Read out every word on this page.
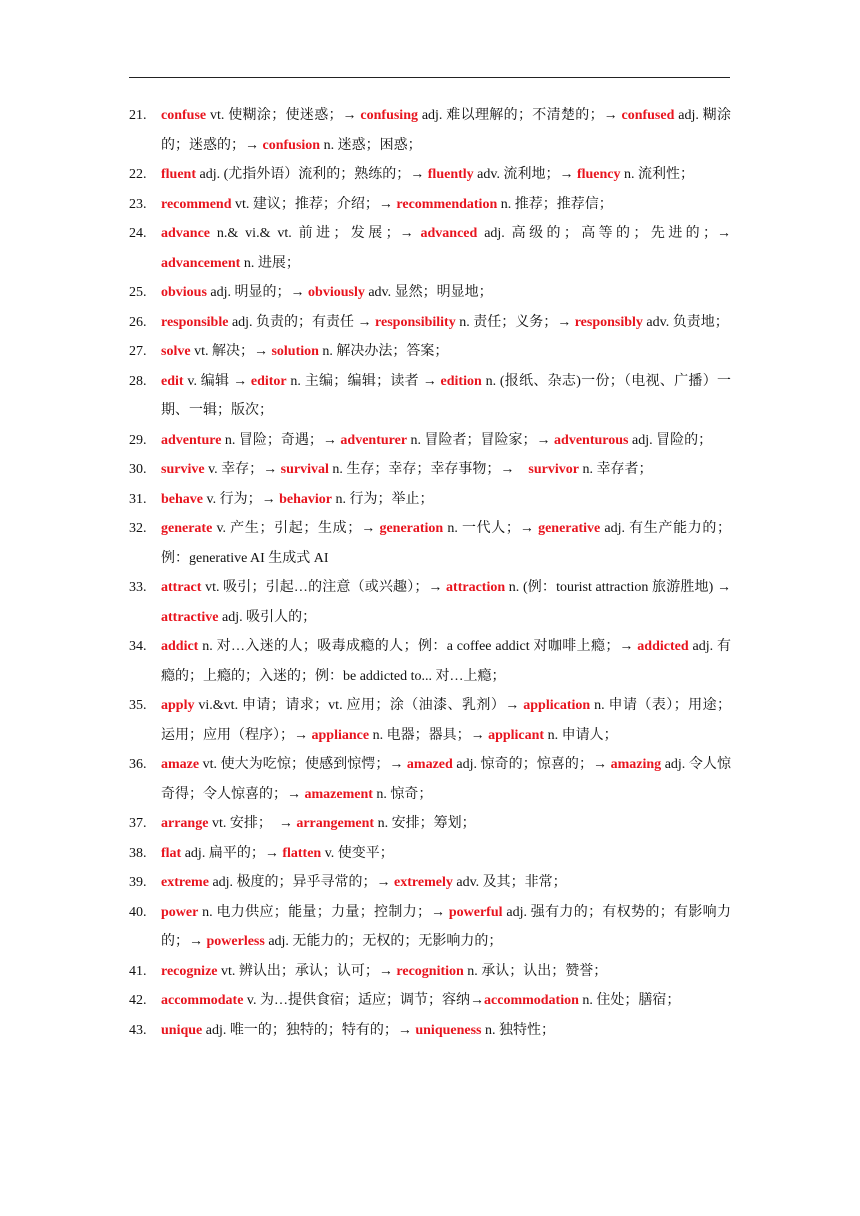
21. confuse vt. 使糊涂；使迷惑；→ confusing adj. 难以理解的；不清楚的；→ confused adj. 糊涂的；迷惑的；→ confusion n. 迷惑；困惑；
22. fluent adj. (尤指外语）流利的；熟练的；→ fluently adv. 流利地；→ fluency n. 流利性；
23. recommend vt. 建议；推荐；介绍；→ recommendation n. 推荐；推荐信；
24. advance n.& vi.& vt. 前进；发展；→ advanced adj. 高级的；高等的；先进的；→ advancement n. 进展；
25. obvious adj. 明显的；→ obviously adv. 显然；明显地；
26. responsible adj. 负责的；有责任 → responsibility n. 责任；义务；→ responsibly adv. 负责地；
27. solve vt. 解决；→ solution n. 解决办法；答案；
28. edit v. 编辑 → editor n. 主编；编辑；读者 → edition n. (报纸、杂志)一份；（电视、广播）一期、一辑；版次；
29. adventure n. 冒险；奇遇；→ adventurer n. 冒险者；冒险家；→ adventurous adj. 冒险的；
30. survive v. 幸存；→ survival n. 生存；幸存；幸存事物；→　survivor n. 幸存者；
31. behave v. 行为；→ behavior n. 行为；举止；
32. generate v. 产生；引起；生成；→ generation n. 一代人；→ generative adj. 有生产能力的；例：generative AI 生成式 AI
33. attract vt. 吸引；引起…的注意（或兴趣）；→ attraction n. (例：tourist attraction 旅游胜地) → attractive adj. 吸引人的；
34. addict n. 对…入迷的人；吸毒成瘾的人；例：a coffee addict 对咖啡上瘾；→ addicted adj. 有瘾的；上瘾的；入迷的；例：be addicted to... 对…上瘾；
35. apply vi.&vt. 申请；请求；vt. 应用；涂（油漆、乳剂）→ application n. 申请（表）；用途；运用；应用（程序）；→ appliance n. 电器；器具；→ applicant n. 申请人；
36. amaze vt. 使大为吃惊；使感到惊愕；→ amazed adj. 惊奇的；惊喜的；→ amazing adj. 令人惊奇得；令人惊喜的；→ amazement n. 惊奇；
37. arrange vt. 安排；　→ arrangement n. 安排；筹划；
38. flat adj. 扁平的；→ flatten v. 使变平；
39. extreme adj. 极度的；异乎寻常的；→ extremely adv. 及其；非常；
40. power n. 电力供应；能量；力量；控制力；→ powerful adj. 强有力的；有权势的；有影响力的；→ powerless adj. 无能力的；无权的；无影响力的；
41. recognize vt. 辨认出；承认；认可；→ recognition n. 承认；认出；赞誉；
42. accommodate v. 为…提供食宿；适应；调节；容纳→accommodation n. 住处；膳宿；
43. unique adj. 唯一的；独特的；特有的；→ uniqueness n. 独特性；
